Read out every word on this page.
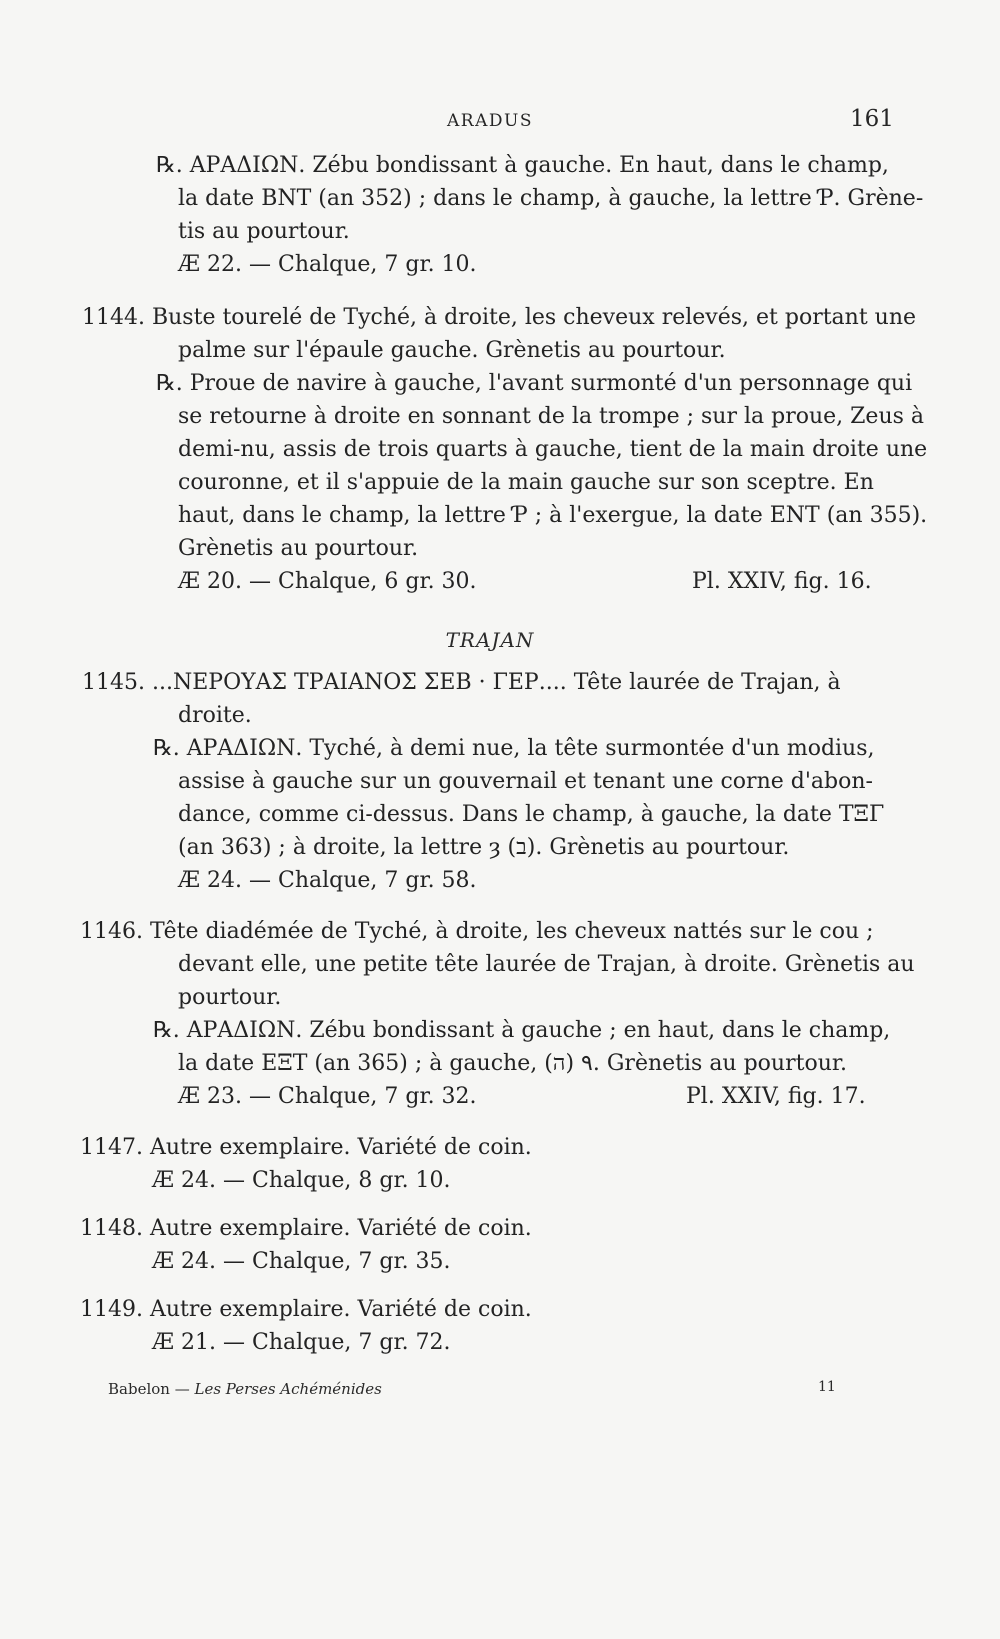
ARADUS	161
℞. ΑΡΑΔΙΩΝ. Zébu bondissant à gauche. En haut, dans le champ,
la date ΒΝΤ (an 352) ; dans le champ, à gauche, la lettre Ƥ. Grène-
tis au pourtour.
Æ 22. — Chalque, 7 gr. 10.
1144. Buste tourelé de Tyché, à droite, les cheveux relevés, et portant une
palme sur l'épaule gauche. Grènetis au pourtour.
℞. Proue de navire à gauche, l'avant surmonté d'un personnage qui
se retourne à droite en sonnant de la trompe ; sur la proue, Zeus à
demi-nu, assis de trois quarts à gauche, tient de la main droite une
couronne, et il s'appuie de la main gauche sur son sceptre. En
haut, dans le champ, la lettre Ƥ ; à l'exergue, la date ΕΝΤ (an 355).
Grènetis au pourtour.
Æ 20. — Chalque, 6 gr. 30.	Pl. XXIV, fig. 16.
TRAJAN
1145. ...ΝΕΡΟΥΑΣ ΤΡΑΙΑΝΟΣ ΣΕΒ · ΓΕΡ.... Tête laurée de Trajan, à
droite.
℞. ΑΡΑΔΙΩΝ. Tyché, à demi nue, la tête surmontée d'un modius,
assise à gauche sur un gouvernail et tenant une corne d'abon-
dance, comme ci-dessus. Dans le champ, à gauche, la date ΤΞΓ
(an 363) ; à droite, la lettre ȝ (ב). Grènetis au pourtour.
Æ 24. — Chalque, 7 gr. 58.
1146. Tête diadémée de Tyché, à droite, les cheveux nattés sur le cou ;
devant elle, une petite tête laurée de Trajan, à droite. Grènetis au
pourtour.
℞. ΑΡΑΔΙΩΝ. Zébu bondissant à gauche ; en haut, dans le champ,
la date ΕΞΤ (an 365) ; à gauche, ٩ (ה). Grènetis au pourtour.
Æ 23. — Chalque, 7 gr. 32.	Pl. XXIV, fig. 17.
1147. Autre exemplaire. Variété de coin.
Æ 24. — Chalque, 8 gr. 10.
1148. Autre exemplaire. Variété de coin.
Æ 24. — Chalque, 7 gr. 35.
1149. Autre exemplaire. Variété de coin.
Æ 21. — Chalque, 7 gr. 72.
Babelon — Les Perses Achéménides	11
